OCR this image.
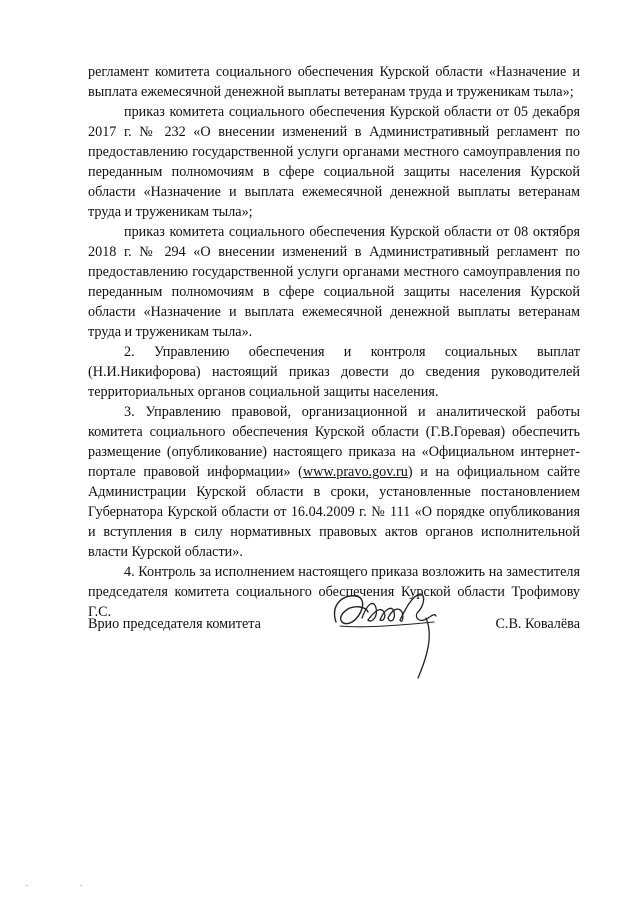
регламент комитета социального обеспечения Курской области «Назначение и выплата ежемесячной денежной выплаты ветеранам труда и труженикам тыла»;

приказ комитета социального обеспечения Курской области от 05 декабря 2017 г. № 232 «О внесении изменений в Административный регламент по предоставлению государственной услуги органами местного самоуправления по переданным полномочиям в сфере социальной защиты населения Курской области «Назначение и выплата ежемесячной денежной выплаты ветеранам труда и труженикам тыла»;

приказ комитета социального обеспечения Курской области от 08 октября 2018 г. № 294 «О внесении изменений в Административный регламент по предоставлению государственной услуги органами местного самоуправления по переданным полномочиям в сфере социальной защиты населения Курской области «Назначение и выплата ежемесячной денежной выплаты ветеранам труда и труженикам тыла».

2. Управлению обеспечения и контроля социальных выплат (Н.И.Никифорова) настоящий приказ довести до сведения руководителей территориальных органов социальной защиты населения.

3. Управлению правовой, организационной и аналитической работы комитета социального обеспечения Курской области (Г.В.Горевая) обеспечить размещение (опубликование) настоящего приказа на «Официальном интернет-портале правовой информации» (www.pravo.gov.ru) и на официальном сайте Администрации Курской области в сроки, установленные постановлением Губернатора Курской области от 16.04.2009 г. № 111 «О порядке опубликования и вступления в силу нормативных правовых актов органов исполнительной власти Курской области».

4. Контроль за исполнением настоящего приказа возложить на заместителя председателя комитета социального обеспечения Курской области Трофимову Г.С.

Врио председателя комитета	С.В. Ковалёва
